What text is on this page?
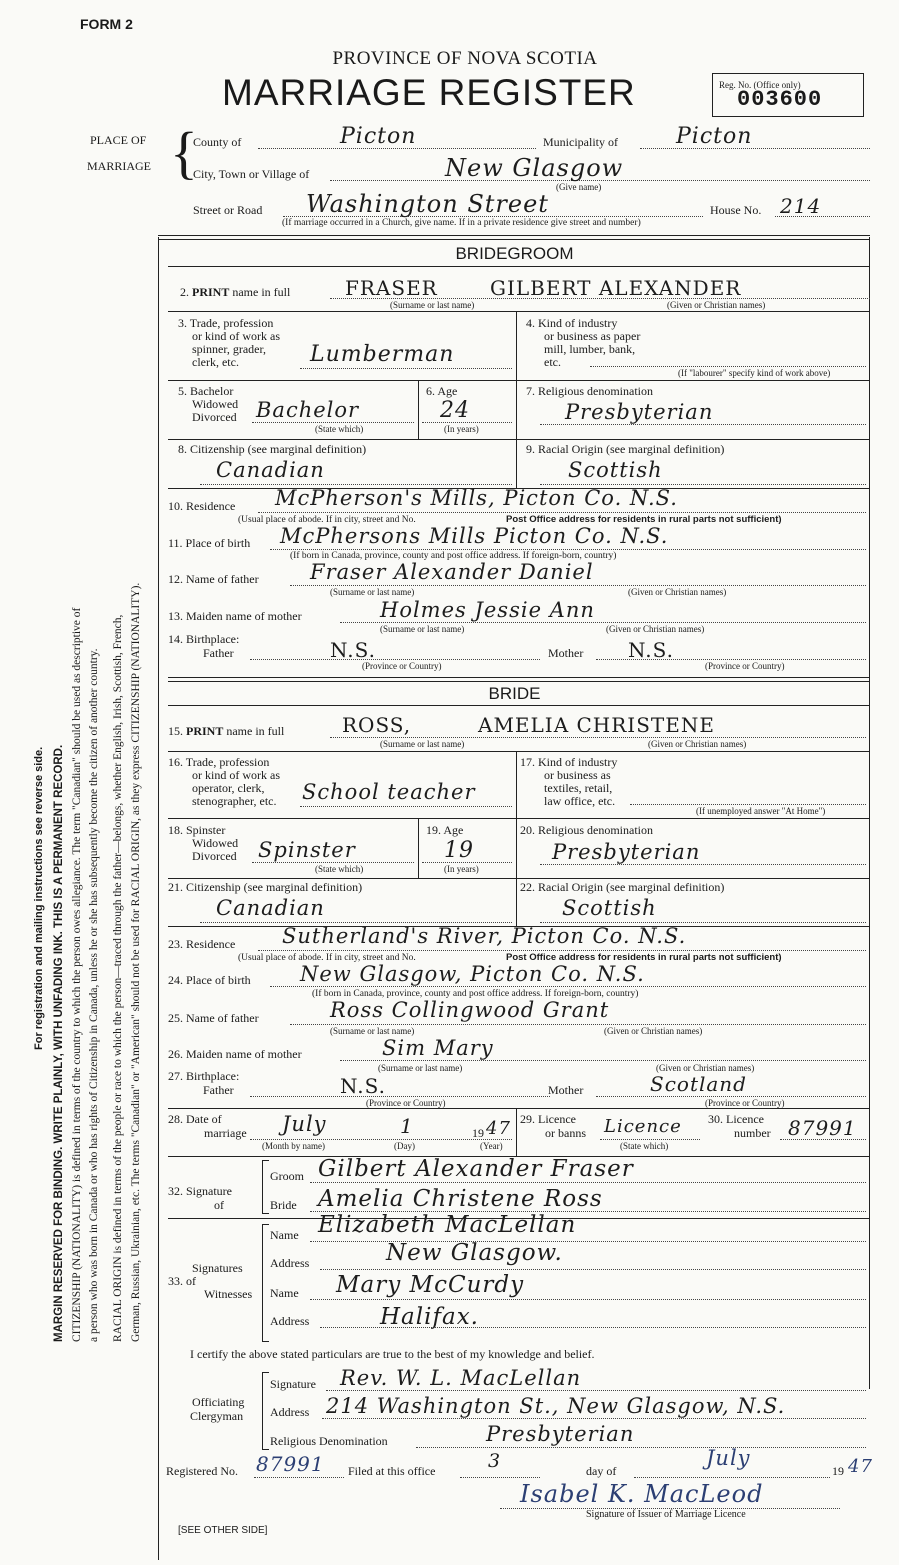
FORM 2
PROVINCE OF NOVA SCOTIA
MARRIAGE REGISTER	Reg. No. (Office only)
003600
PLACE OF
MARRIAGE {
County of	Picton	Municipality of	Picton
City, Town or Village of	New Glasgow
(Give name)
Street or Road Washington Street	House No. 214
(If marriage occurred in a Church, give name. If in a private residence give street and number)
For registration and mailing instructions see reverse side. MARGIN RESERVED FOR BINDING. WRITE PLAINLY, WITH UNFADING INK. THIS IS A PERMANENT RECORD. CITIZENSHIP (NATIONALITY) is defined in terms of the country to which the person owes allegiance. The term "Canadian" should be used as descriptive of a person who was born in Canada or who has rights of Citizenship in Canada, unless he or she has subsequently become the citizen of another country. RACIAL ORIGIN is defined in terms of the people or race to which the person—traced through the father—belongs, whether English, Irish, Scottish, French, German, Russian, Ukrainian, etc. The terms "Canadian" or "American" should not be used for RACIAL ORIGIN, as they express CITIZENSHIP (NATIONALITY).
BRIDEGROOM
2. PRINT name in full	FRASER	GILBERT ALEXANDER
(Surname or last name)	(Given or Christian names)
3. Trade, profession
or kind of work as
spinner, grader,
clerk, etc.	Lumberman
4. Kind of industry
or business as paper
mill, lumber, bank,
etc.
(If "labourer" specify kind of work above)
5. Bachelor
Widowed
Divorced Bachelor
(State which)
6. Age
24
(In years)
7. Religious denomination
Presbyterian
8. Citizenship (see marginal definition)
Canadian
9. Racial Origin (see marginal definition)
Scottish
10. Residence McPherson's Mills, Picton Co. N.S.
(Usual place of abode. If in city, street and No.	Post Office address for residents in rural parts not sufficient)
11. Place of birth McPhersons Mills Picton Co. N.S.
(If born in Canada, province, county and post office address. If foreign-born, country)
12. Name of father Fraser Alexander Daniel
(Surname or last name)	(Given or Christian names)
13. Maiden name of mother	Holmes Jessie Ann
(Surname or last name)	(Given or Christian names)
14. Birthplace:
Father	N.S.
(Province or Country)
Mother N.S.
(Province or Country)
BRIDE
15. PRINT name in full	ROSS,	AMELIA CHRISTENE
(Surname or last name)	(Given or Christian names)
16. Trade, profession
or kind of work as
operator, clerk,
stenographer, etc. School teacher
17. Kind of industry
or business as
textiles, retail,
law office, etc.
(If unemployed answer "At Home")
18. Spinster
Widowed
Divorced Spinster
(State which)
19. Age
19
(In years)
20. Religious denomination
Presbyterian
21. Citizenship (see marginal definition)
Canadian
22. Racial Origin (see marginal definition)
Scottish
23. Residence Sutherland's River, Picton Co. N.S.
(Usual place of abode. If in city, street and No.	Post Office address for residents in rural parts not sufficient)
24. Place of birth New Glasgow, Picton Co. N.S.
(If born in Canada, province, county and post office address. If foreign-born, country)
25. Name of father	Ross Collingwood Grant
(Surname or last name)	(Given or Christian names)
26. Maiden name of mother	Sim Mary
(Surname or last name)	(Given or Christian names)
27. Birthplace:
Father	N.S.
(Province or Country)
Mother	Scotland
(Province or Country)
28. Date of
marriage July	1	19 47
(Month by name)	(Day)	(Year)
29. Licence
or banns Licence
(State which)
30. Licence
number 87991
32. Signature
of
Groom Gilbert Alexander Fraser
Bride Amelia Christene Ross
Signatures
33. of
Witnesses
Name Elizabeth MacLellan
Address	New Glasgow.
Name Mary McCurdy
Address	Halifax.
I certify the above stated particulars are true to the best of my knowledge and belief.
Officiating
Clergyman
Signature Rev. W. L. MacLellan
Address 214 Washington St., New Glasgow, N.S.
Religious Denomination	Presbyterian
Registered No. 87991 Filed at this office	3	day of
July
19 47
Isabel K. MacLeod
Signature of Issuer of Marriage Licence
[SEE OTHER SIDE]
